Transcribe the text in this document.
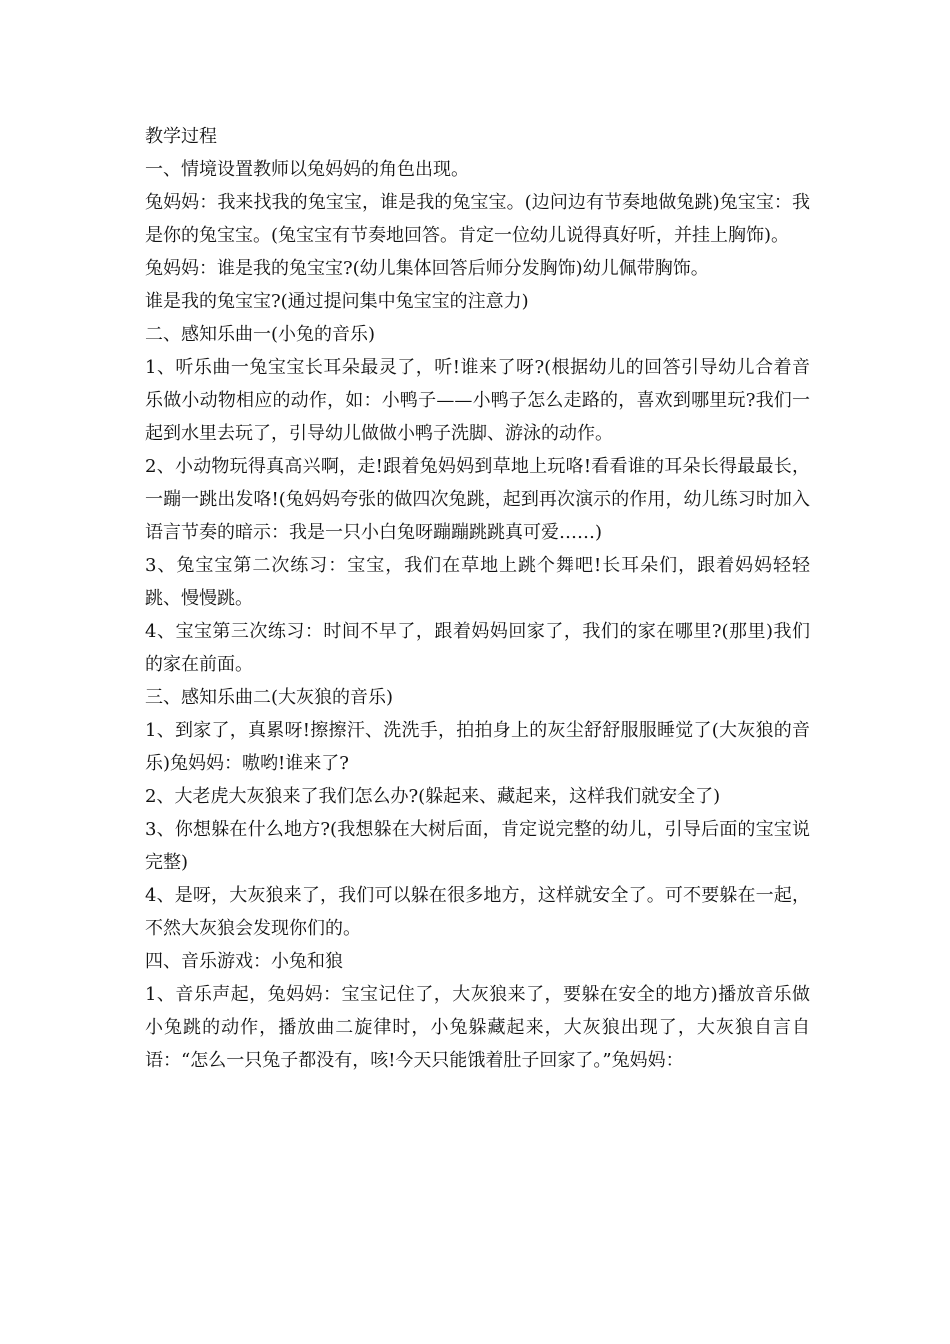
教学过程

一、情境设置教师以兔妈妈的角色出现。

兔妈妈：我来找我的兔宝宝，谁是我的兔宝宝。(边问边有节奏地做兔跳)兔宝宝：我是你的兔宝宝。(兔宝宝有节奏地回答。肯定一位幼儿说得真好听，并挂上胸饰)。

兔妈妈：谁是我的兔宝宝?(幼儿集体回答后师分发胸饰)幼儿佩带胸饰。

谁是我的兔宝宝?(通过提问集中兔宝宝的注意力)

二、感知乐曲一(小兔的音乐)

1、听乐曲一兔宝宝长耳朵最灵了，听!谁来了呀?(根据幼儿的回答引导幼儿合着音乐做小动物相应的动作，如：小鸭子——小鸭子怎么走路的，喜欢到哪里玩?我们一起到水里去玩了，引导幼儿做做小鸭子洗脚、游泳的动作。

2、小动物玩得真高兴啊，走!跟着兔妈妈到草地上玩咯!看看谁的耳朵长得最最长，一蹦一跳出发咯!(兔妈妈夸张的做四次兔跳，起到再次演示的作用，幼儿练习时加入语言节奏的暗示：我是一只小白兔呀蹦蹦跳跳真可爱……)

3、兔宝宝第二次练习：宝宝，我们在草地上跳个舞吧!长耳朵们，跟着妈妈轻轻跳、慢慢跳。

4、宝宝第三次练习：时间不早了，跟着妈妈回家了，我们的家在哪里?(那里)我们的家在前面。

三、感知乐曲二(大灰狼的音乐)

1、到家了，真累呀!擦擦汗、洗洗手，拍拍身上的灰尘舒舒服服睡觉了(大灰狼的音乐)兔妈妈：嗷哟!谁来了?

2、大老虎大灰狼来了我们怎么办?(躲起来、藏起来，这样我们就安全了)

3、你想躲在什么地方?(我想躲在大树后面，肯定说完整的幼儿，引导后面的宝宝说完整)

4、是呀，大灰狼来了，我们可以躲在很多地方，这样就安全了。可不要躲在一起，不然大灰狼会发现你们的。

四、音乐游戏：小兔和狼

1、音乐声起，兔妈妈：宝宝记住了，大灰狼来了，要躲在安全的地方)播放音乐做小兔跳的动作，播放曲二旋律时，小兔躲藏起来，大灰狼出现了，大灰狼自言自语：“怎么一只兔子都没有，咳!今天只能饿着肚子回家了。”兔妈妈：
